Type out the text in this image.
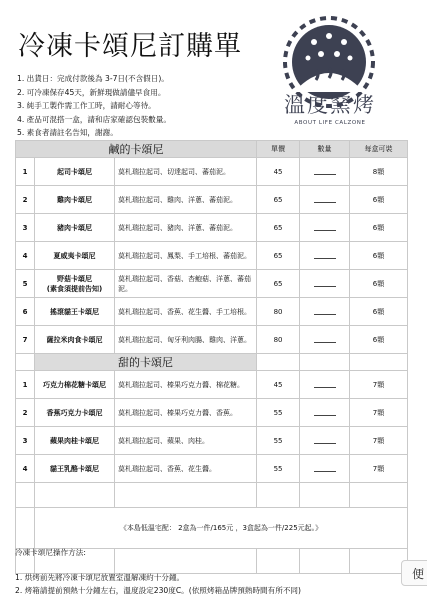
冷凍卡頌尼訂購單
溫度窯烤
ABOUT LIFE CALZONE
1. 出貨日：完成付款後為 3-7日(不含假日)。
2. 可冷凍保存45天，新鮮現做請儘早食用。
3. 純手工製作需工作工時，請耐心等待。
4. 產品可混搭一盒，請和店家確認包裝數量。
5. 素食者請註名告知，謝謝。
鹹的卡頌尼			單價	數量	每盒可裝
1	起司卡頌尼	莫札瑞拉起司、切達起司、蕃茄泥。	45		8顆
2	雞肉卡頌尼	莫札瑞拉起司、雞肉、洋蔥、蕃茄泥。	65		6顆
3	豬肉卡頌尼	莫札瑞拉起司、豬肉、洋蔥、蕃茄泥。	65		6顆
4	夏威夷卡頌尼	莫札瑞拉起司、鳳梨、手工培根、蕃茄泥。	65		6顆
5	野菇卡頌尼
(素食須提前告知)	莫札瑞拉起司、香菇、杏鮑菇、洋蔥、蕃茄泥。	65		6顆
6	搖滾貓王卡頌尼	莫札瑞拉起司、香蕉、花生醬、手工培根。	80		6顆
7	薩拉米肉食卡頌尼	莫札瑞拉起司、匈牙利肉腸、雞肉、洋蔥。	80		6顆
	甜的卡頌尼				
1	巧克力棉花糖卡頌尼	莫札瑞拉起司、榛果巧克力醬、棉花糖。	45		7顆
2	香蕉巧克力卡頌尼	莫札瑞拉起司、榛果巧克力醬、香蕉。	55		7顆
3	蘋果肉桂卡頌尼	莫札瑞拉起司、蘋果、肉桂。	55		7顆
4	貓王乳酪卡頌尼	莫札瑞拉起司、香蕉、花生醬。	55		7顆

	《本島低溫宅配： 2盒為一件/165元 ，3盒起為一件/225元起。》				

冷凍卡頌尼操作方法:
1. 烘烤前先將冷凍卡頌尼放置室溫解凍約十分鐘。
2. 烤箱請提前預熱十分鐘左右，溫度設定230度C。(依照烤箱品牌預熱時間有所不同)
便
